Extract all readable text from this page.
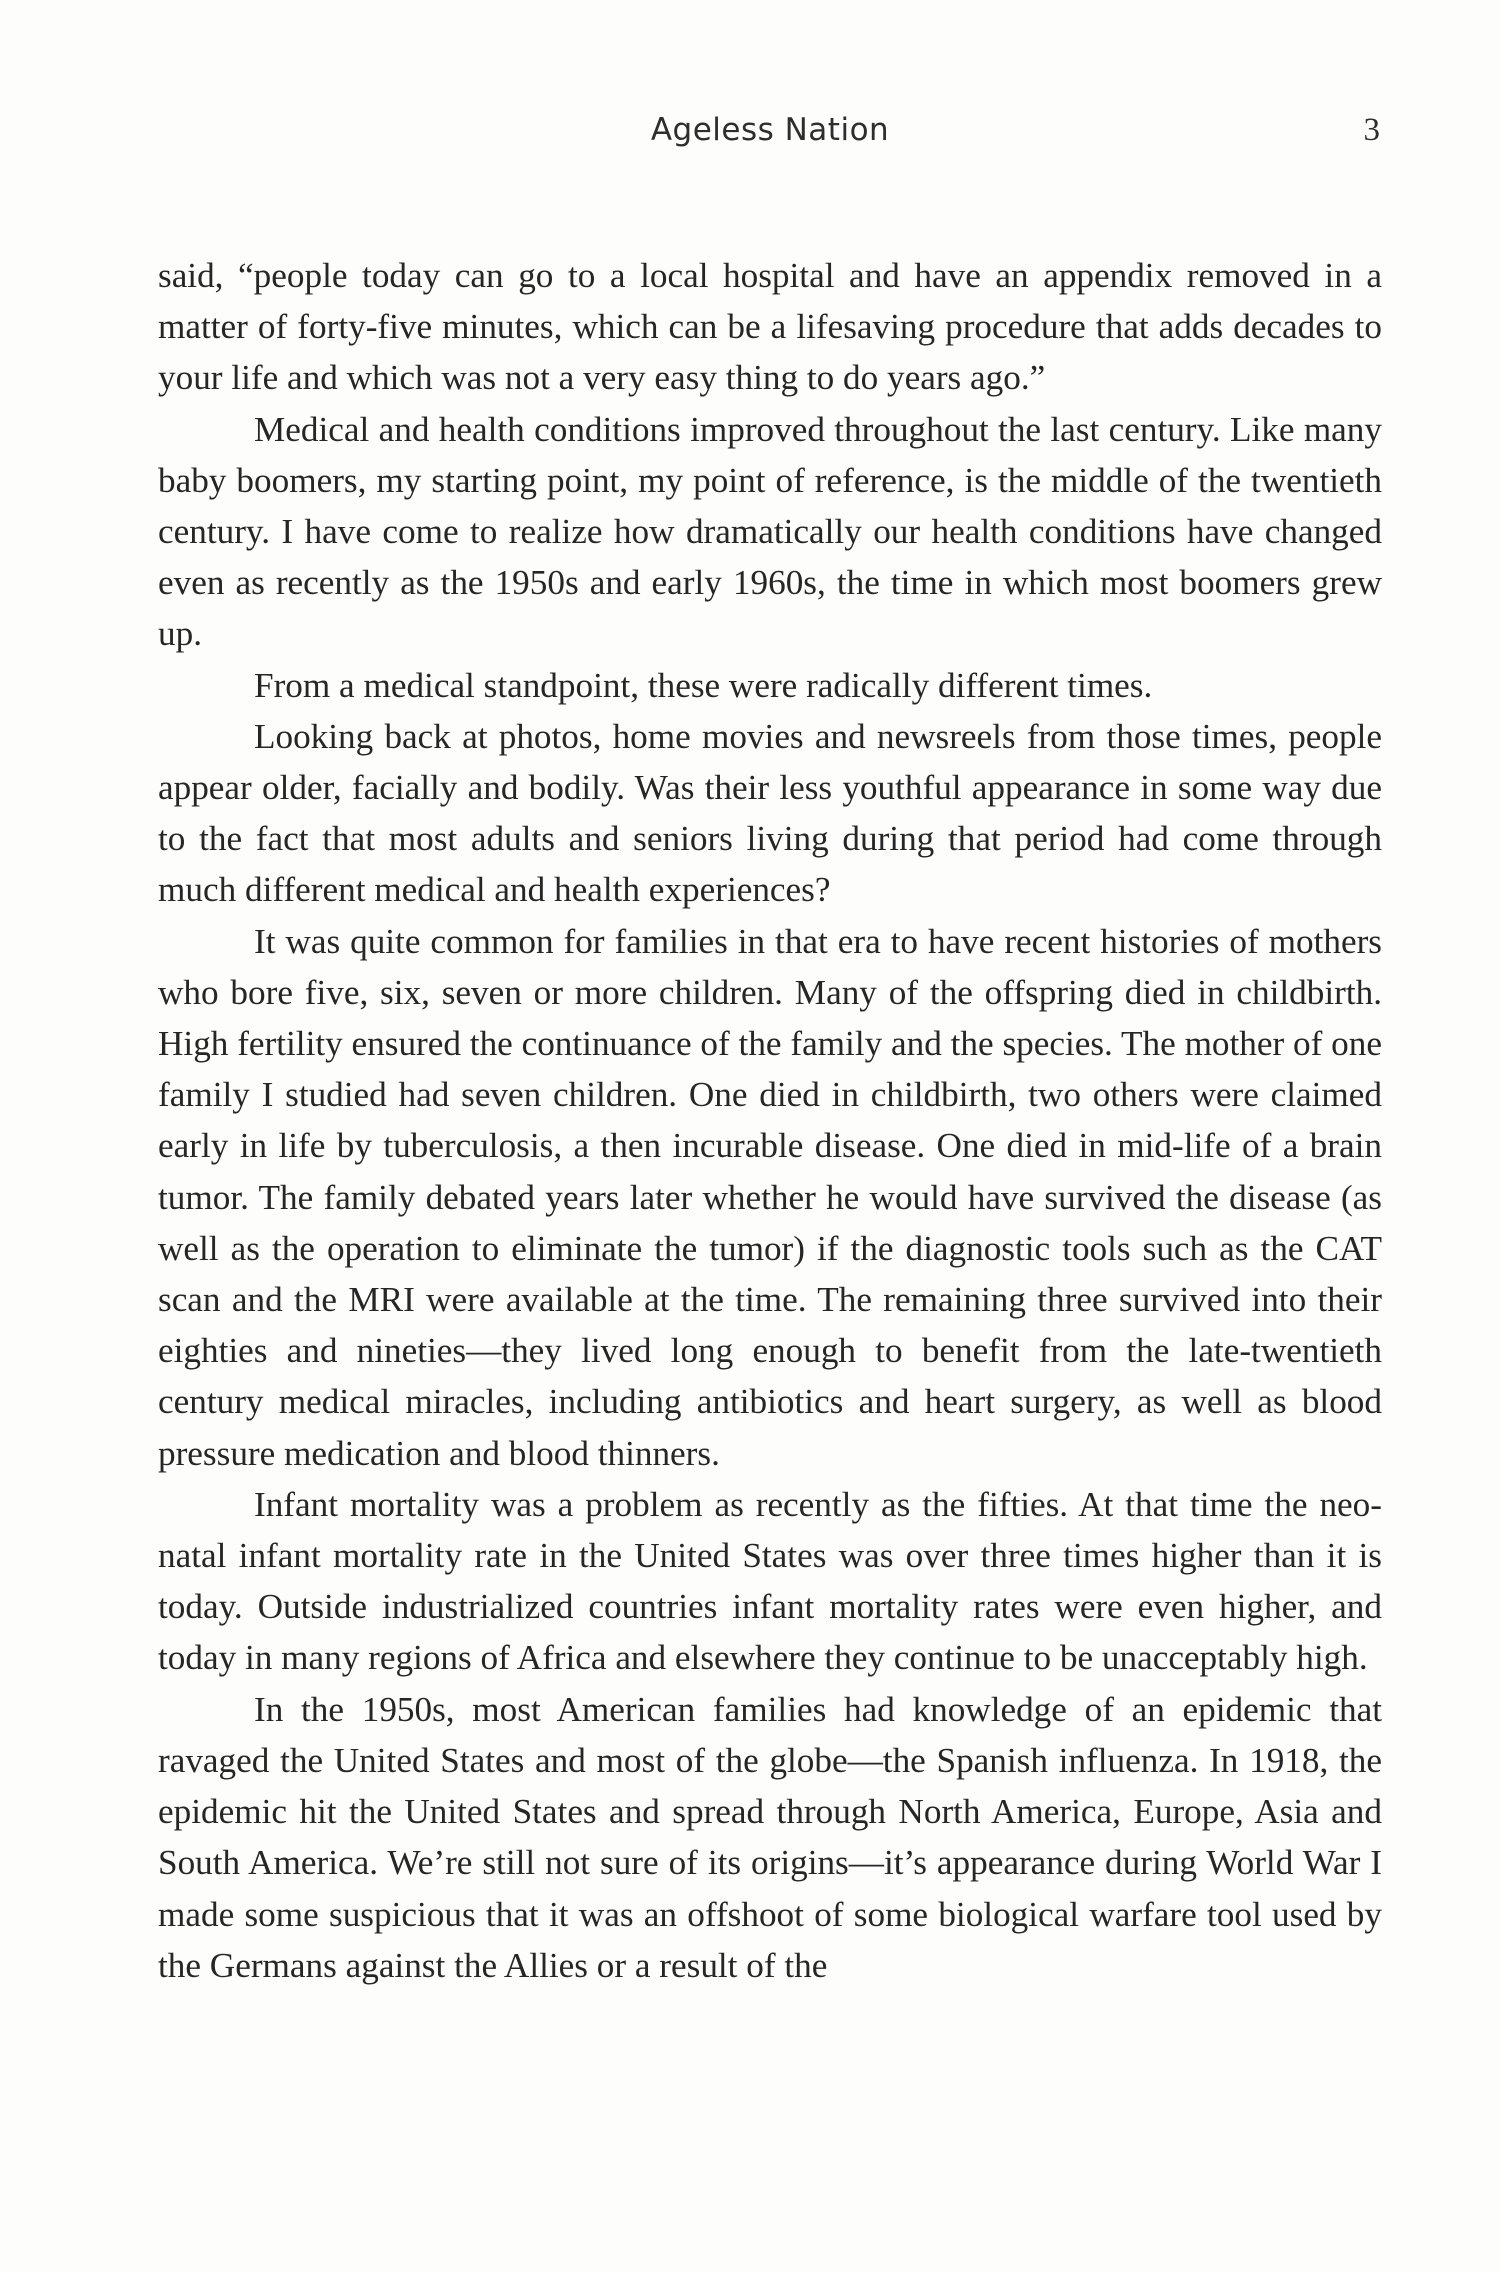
Ageless Nation	3

said, “people today can go to a local hospital and have an appendix removed in a matter of forty-five minutes, which can be a lifesaving procedure that adds decades to your life and which was not a very easy thing to do years ago.”

Medical and health conditions improved throughout the last century. Like many baby boomers, my starting point, my point of reference, is the middle of the twentieth century. I have come to realize how dramatically our health conditions have changed even as recently as the 1950s and early 1960s, the time in which most boomers grew up.

From a medical standpoint, these were radically different times.

Looking back at photos, home movies and newsreels from those times, people appear older, facially and bodily. Was their less youthful appearance in some way due to the fact that most adults and seniors living during that period had come through much different medical and health experiences?

It was quite common for families in that era to have recent histories of mothers who bore five, six, seven or more children. Many of the offspring died in childbirth. High fertility ensured the continuance of the family and the species. The mother of one family I studied had seven children. One died in childbirth, two others were claimed early in life by tuberculosis, a then incurable disease. One died in mid-life of a brain tumor. The family debated years later whether he would have survived the disease (as well as the operation to eliminate the tumor) if the diagnostic tools such as the CAT scan and the MRI were available at the time. The remaining three survived into their eighties and nineties—they lived long enough to benefit from the late-twentieth century medical miracles, including antibiotics and heart surgery, as well as blood pressure medication and blood thinners.

Infant mortality was a problem as recently as the fifties. At that time the neo-natal infant mortality rate in the United States was over three times higher than it is today. Outside industrialized countries infant mortality rates were even higher, and today in many regions of Africa and elsewhere they continue to be unacceptably high.

In the 1950s, most American families had knowledge of an epidemic that ravaged the United States and most of the globe—the Spanish influenza. In 1918, the epidemic hit the United States and spread through North America, Europe, Asia and South America. We’re still not sure of its origins—it’s appearance during World War I made some suspicious that it was an offshoot of some biological warfare tool used by the Germans against the Allies or a result of the
